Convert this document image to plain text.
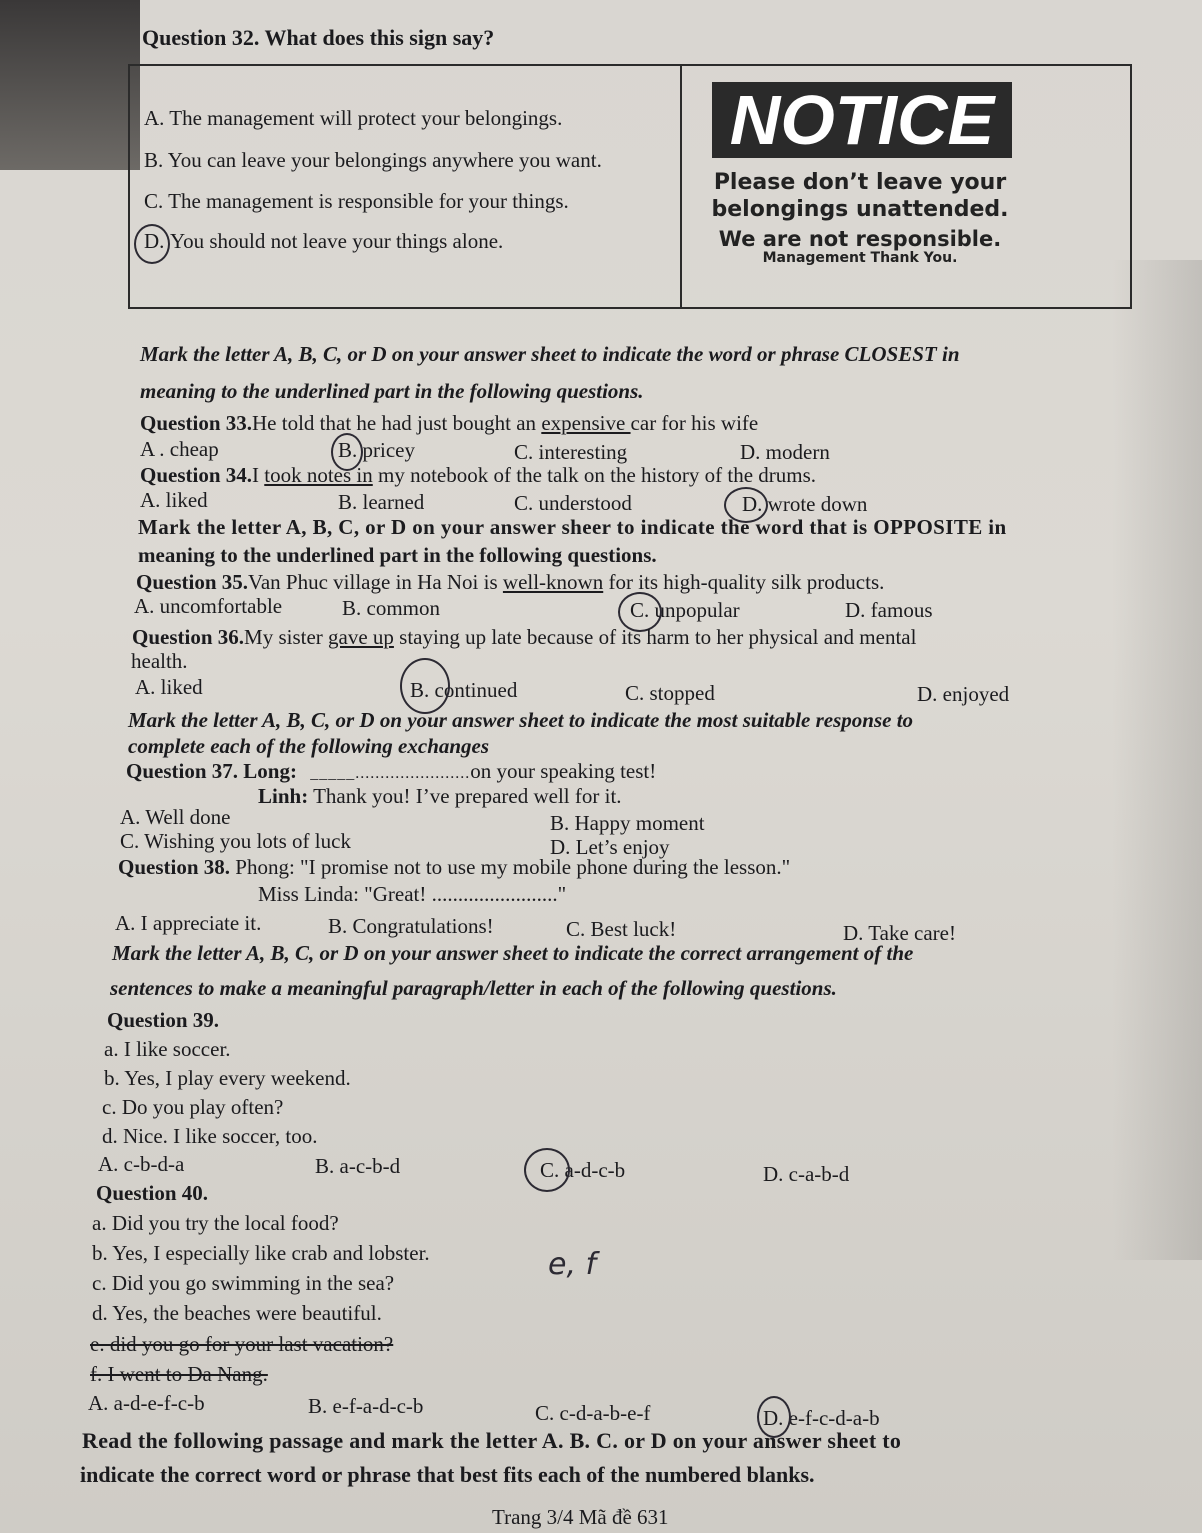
Question 32. What does this sign say?
A. The management will protect your belongings.
B. You can leave your belongings anywhere you want.
C. The management is responsible for your things.
D. You should not leave your things alone.
NOTICE
Please don’t leave your
belongings unattended.
We are not responsible.
Management Thank You.
Mark the letter A, B, C, or D on your answer sheet to indicate the word or phrase CLOSEST in
meaning to the underlined part in the following questions.
Question 33.He told that he had just bought an expensive car for his wife
A . cheap	B. pricey	C. interesting	D. modern
Question 34.I took notes in my notebook of the talk on the history of the drums.
A. liked	B. learned	C. understood	D. wrote down
Mark the letter A, B, C, or D on your answer sheer to indicate the word that is OPPOSITE in
meaning to the underlined part in the following questions.
Question 35.Van Phuc village in Ha Noi is well-known for its high-quality silk products.
A. uncomfortable	B. common	C. unpopular	D. famous
Question 36.My sister gave up staying up late because of its harm to her physical and mental
health.
A. liked	B. continued	C. stopped	D. enjoyed
Mark the letter A, B, C, or D on your answer sheet to indicate the most suitable response to
complete each of the following exchanges
Question 37. Long: _____.......................on your speaking test!
Linh: Thank you! I’ve prepared well for it.
A. Well done	B. Happy moment
C. Wishing you lots of luck	D. Let’s enjoy
Question 38. Phong: "I promise not to use my mobile phone during the lesson."
Miss Linda: "Great! ........................"
A. I appreciate it.	B. Congratulations!	C. Best luck!	D. Take care!
Mark the letter A, B, C, or D on your answer sheet to indicate the correct arrangement of the
sentences to make a meaningful paragraph/letter in each of the following questions.
Question 39.
a. I like soccer.
b. Yes, I play every weekend.
c. Do you play often?
d. Nice. I like soccer, too.
A. c-b-d-a	B. a-c-b-d	C. a-d-c-b	D. c-a-b-d
Question 40.
a. Did you try the local food?
b. Yes, I especially like crab and lobster.
c. Did you go swimming in the sea?
d. Yes, the beaches were beautiful.
e. did you go for your last vacation?
f. I went to Da Nang.
e, f
A. a-d-e-f-c-b	B. e-f-a-d-c-b	C. c-d-a-b-e-f	D. e-f-c-d-a-b
Read the following passage and mark the letter A. B. C. or D on your answer sheet to
indicate the correct word or phrase that best fits each of the numbered blanks.
Trang 3/4 Mã đề 631
